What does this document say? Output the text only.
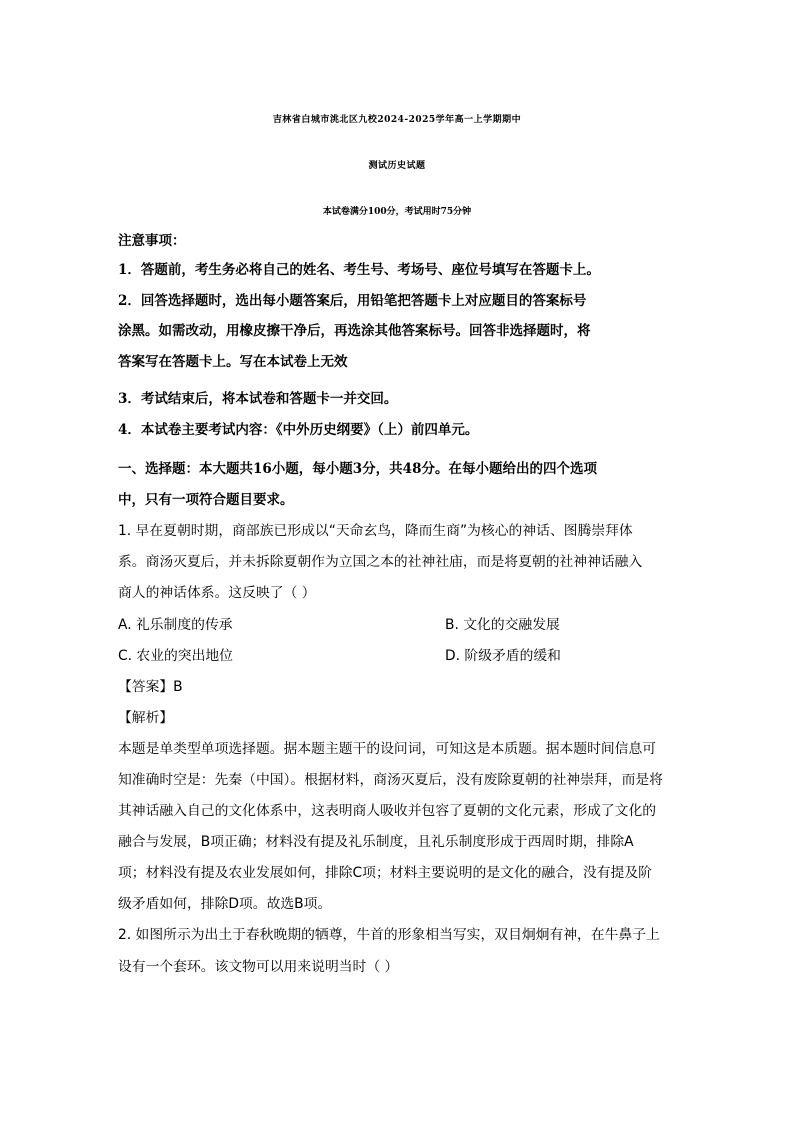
吉林省白城市洮北区九校2024-2025学年高一上学期期中
测试历史试题
本试卷满分100分，考试用时75分钟
注意事项：
1．答题前，考生务必将自己的姓名、考生号、考场号、座位号填写在答题卡上。
2．回答选择题时，选出每小题答案后，用铅笔把答题卡上对应题目的答案标号
涂黑。如需改动，用橡皮擦干净后，再选涂其他答案标号。回答非选择题时，将
答案写在答题卡上。写在本试卷上无效
3．考试结束后，将本试卷和答题卡一并交回。
4．本试卷主要考试内容：《中外历史纲要》（上）前四单元。
一、选择题：本大题共16小题，每小题3分，共48分。在每小题给出的四个选项
中，只有一项符合题目要求。
1. 早在夏朝时期，商部族已形成以“天命玄鸟，降而生商”为核心的神话、图腾崇拜体
系。商汤灭夏后，并未拆除夏朝作为立国之本的社神社庙，而是将夏朝的社神神话融入
商人的神话体系。这反映了（ ）
A. 礼乐制度的传承	B. 文化的交融发展
C. 农业的突出地位	D. 阶级矛盾的缓和
【答案】B
【解析】
本题是单类型单项选择题。据本题主题干的设问词，可知这是本质题。据本题时间信息可
知准确时空是：先秦（中国）。根据材料，商汤灭夏后，没有废除夏朝的社神崇拜，而是将
其神话融入自己的文化体系中，这表明商人吸收并包容了夏朝的文化元素，形成了文化的
融合与发展，B项正确；材料没有提及礼乐制度，且礼乐制度形成于西周时期，排除A
项；材料没有提及农业发展如何，排除C项；材料主要说明的是文化的融合，没有提及阶
级矛盾如何，排除D项。故选B项。
2. 如图所示为出土于春秋晚期的牺尊，牛首的形象相当写实，双目炯炯有神，在牛鼻子上
设有一个套环。该文物可以用来说明当时（ ）
